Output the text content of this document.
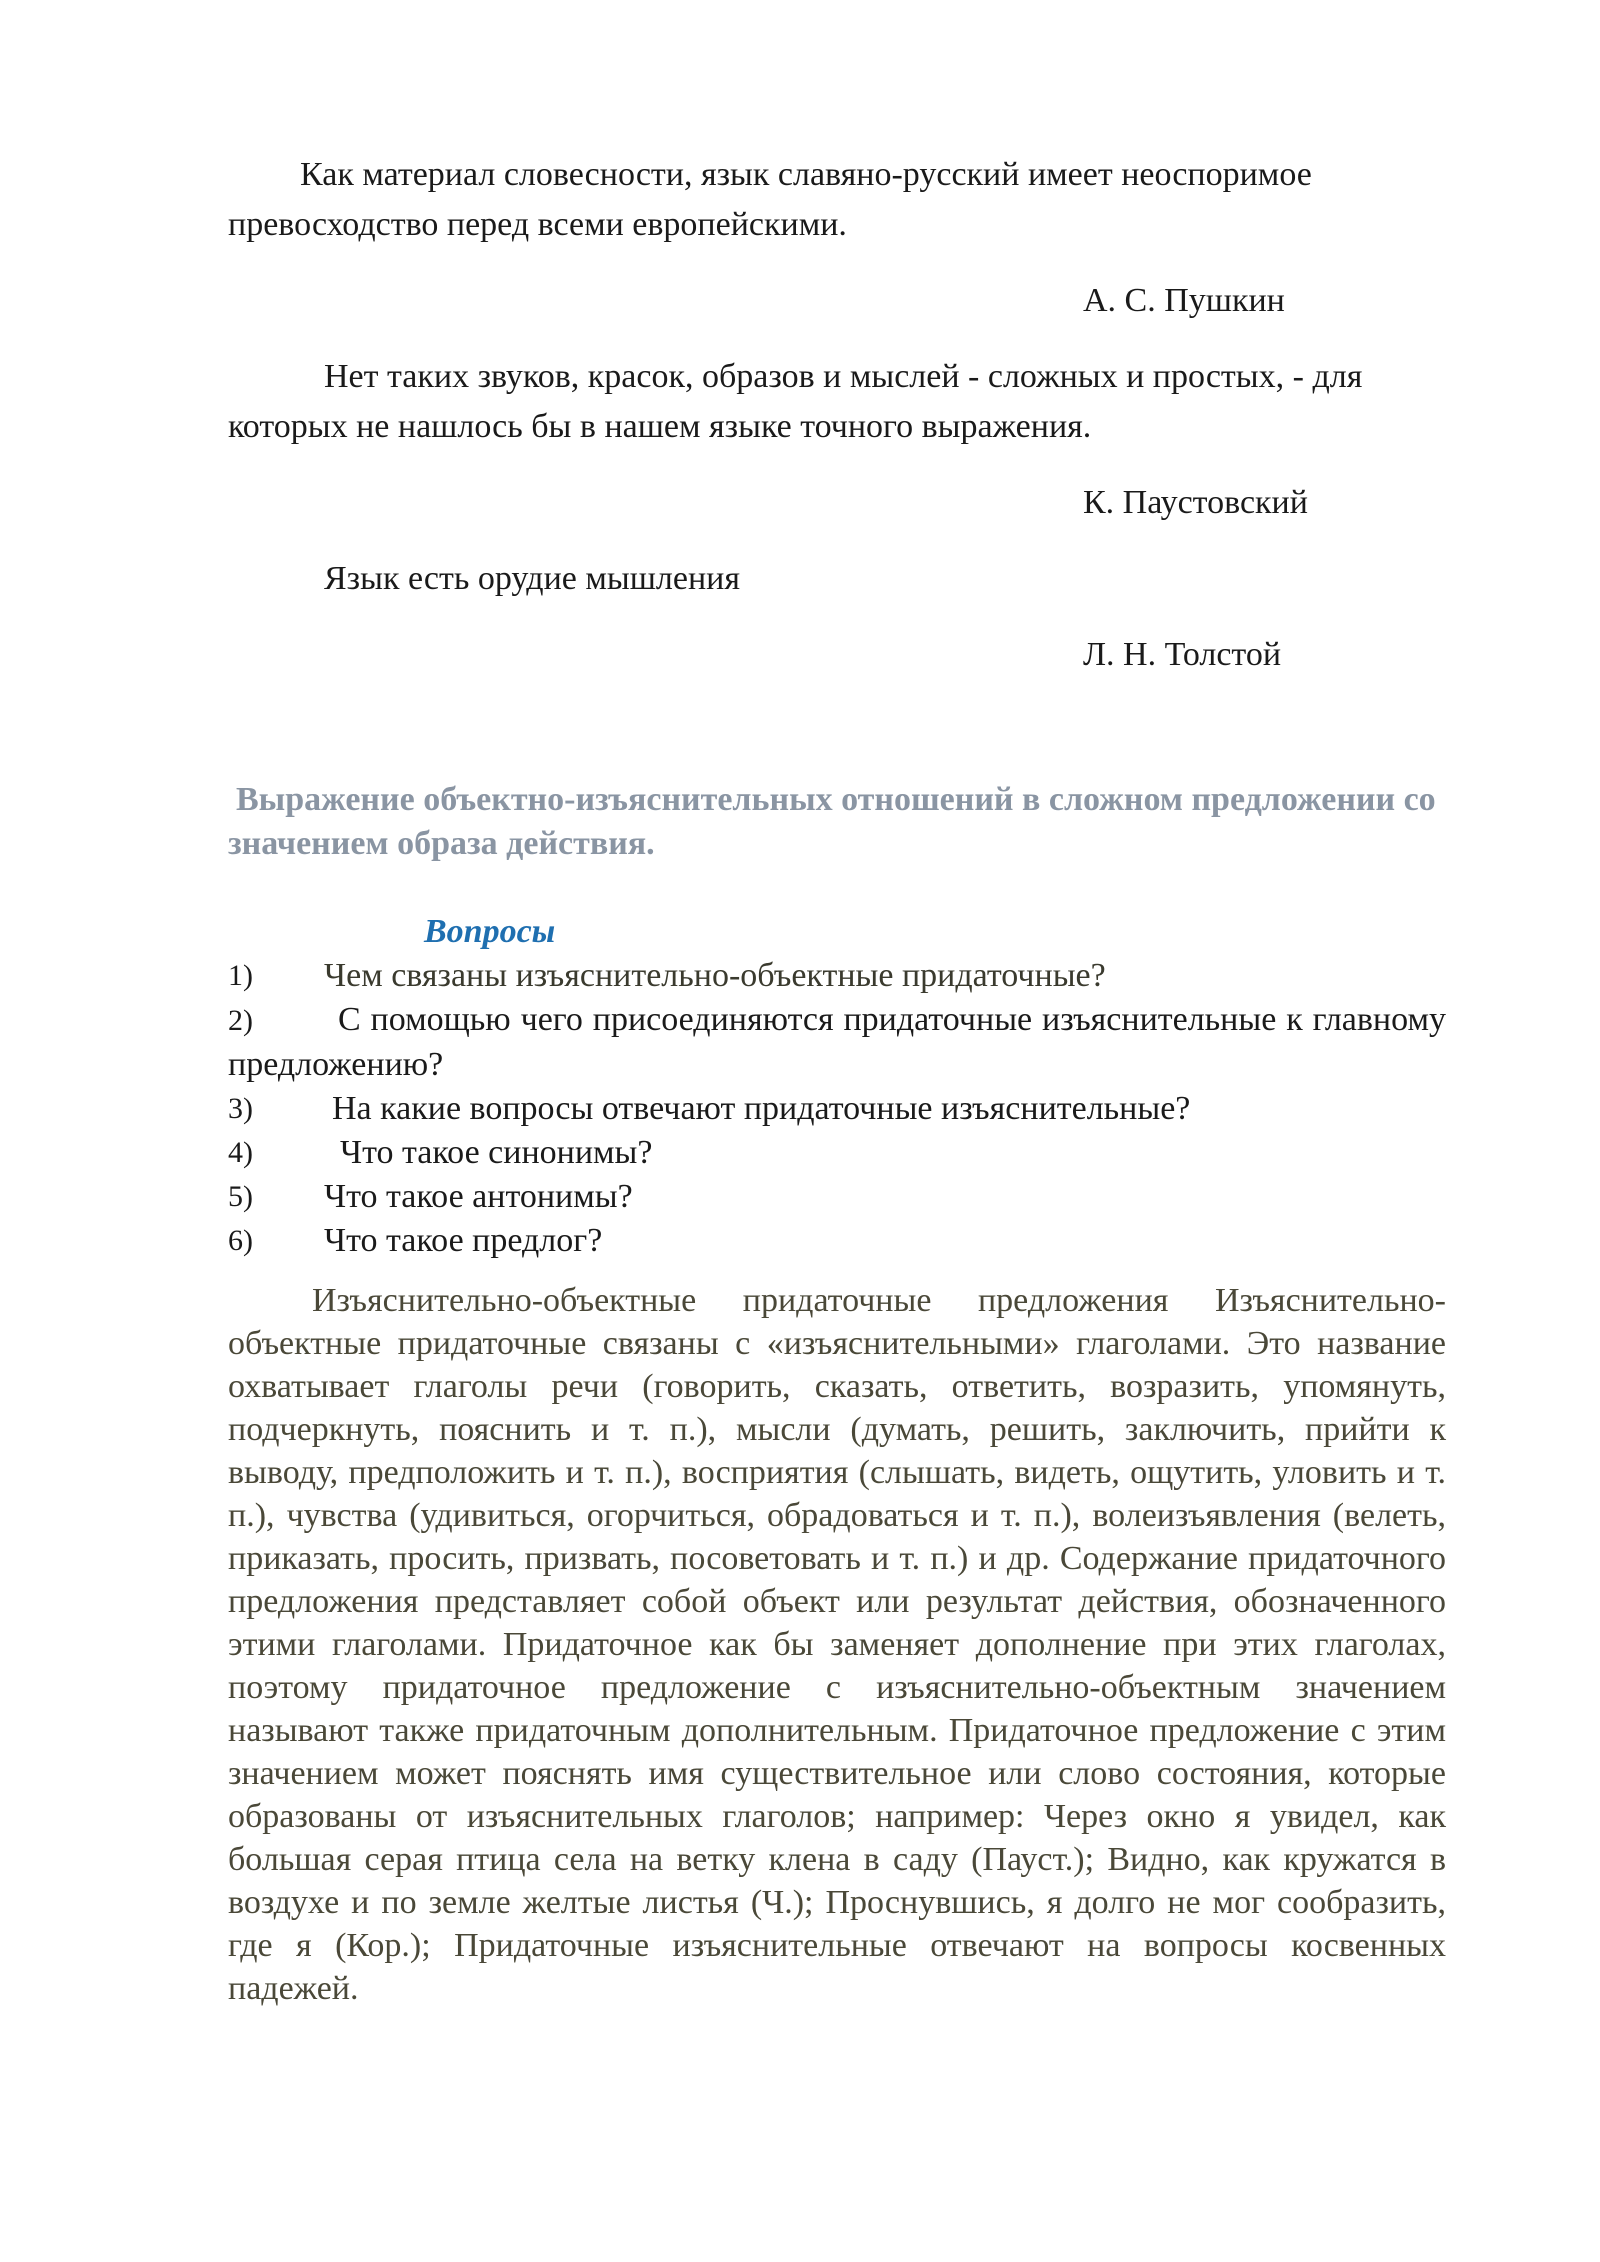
Как материал словесности, язык славяно-русский имеет неоспоримое превосходство перед всеми европейскими.

А. С. Пушкин

Нет таких звуков, красок, образов и мыслей - сложных и простых, - для которых не нашлось бы в нашем языке точного выражения.

К. Паустовский

Язык есть орудие мышления

Л. Н. Толстой

Выражение объектно-изъяснительных отношений в сложном предложении со значением образа действия.
Вопросы
1)	Чем связаны изъяснительно-объектные придаточные?
2)	С помощью чего присоединяются придаточные изъяснительные к главному предложению?
3)	На какие вопросы отвечают придаточные изъяснительные?
4)	Что такое синонимы?
5)	Что такое антонимы?
6)	Что такое предлог?

Изъяснительно-объектные придаточные предложения Изъяснительно-объектные придаточные связаны с «изъяснительными» глаголами. Это название охватывает глаголы речи (говорить, сказать, ответить, возразить, упомянуть, подчеркнуть, пояснить и т. п.), мысли (думать, решить, заключить, прийти к выводу, предположить и т. п.), восприятия (слышать, видеть, ощутить, уловить и т. п.), чувства (удивиться, огорчиться, обрадоваться и т. п.), волеизъявления (велеть, приказать, просить, призвать, посоветовать и т. п.) и др. Содержание придаточного предложения представляет собой объект или результат действия, обозначенного этими глаголами. Придаточное как бы заменяет дополнение при этих глаголах, поэтому придаточное предложение с изъяснительно-объектным значением называют также придаточным дополнительным. Придаточное предложение с этим значением может пояснять имя существительное или слово состояния, которые образованы от изъяснительных глаголов; например: Через окно я увидел, как большая серая птица села на ветку клена в саду (Пауст.); Видно, как кружатся в воздухе и по земле желтые листья (Ч.); Проснувшись, я долго не мог сообразить, где я (Кор.); Придаточные изъяснительные отвечают на вопросы косвенных падежей.
